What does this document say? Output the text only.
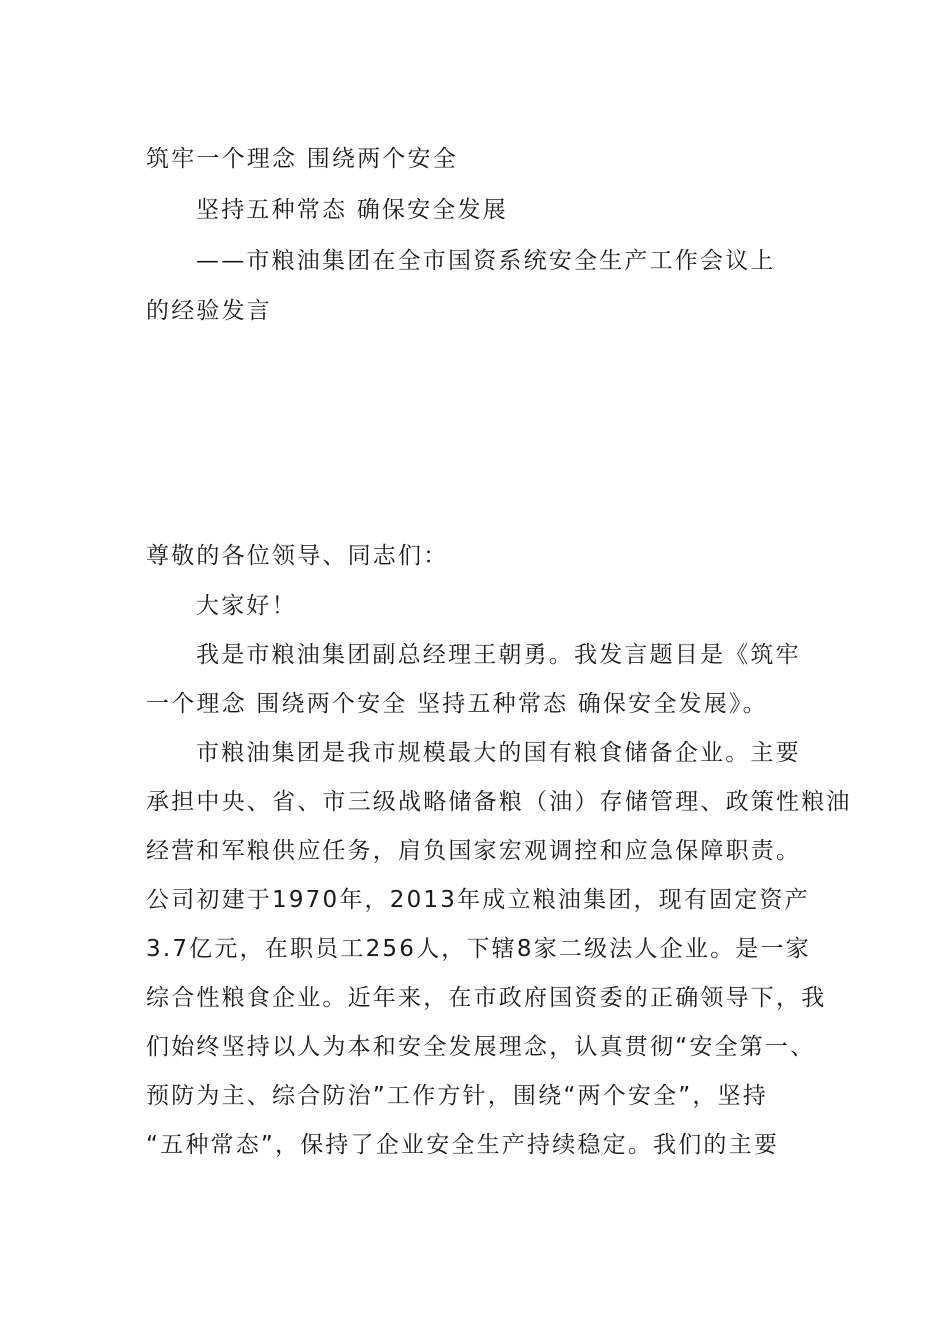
筑牢一个理念 围绕两个安全
坚持五种常态 确保安全发展
——市粮油集团在全市国资系统安全生产工作会议上
的经验发言
尊敬的各位领导、同志们：
大家好！
我是市粮油集团副总经理王朝勇。我发言题目是《筑牢
一个理念 围绕两个安全 坚持五种常态 确保安全发展》。
市粮油集团是我市规模最大的国有粮食储备企业。主要
承担中央、省、市三级战略储备粮（油）存储管理、政策性粮油
经营和军粮供应任务，肩负国家宏观调控和应急保障职责。
公司初建于1970年，2013年成立粮油集团，现有固定资产
3.7亿元，在职员工256人，下辖8家二级法人企业。是一家
综合性粮食企业。近年来，在市政府国资委的正确领导下，我
们始终坚持以人为本和安全发展理念，认真贯彻“安全第一、
预防为主、综合防治”工作方针，围绕“两个安全”，坚持
“五种常态”，保持了企业安全生产持续稳定。我们的主要
